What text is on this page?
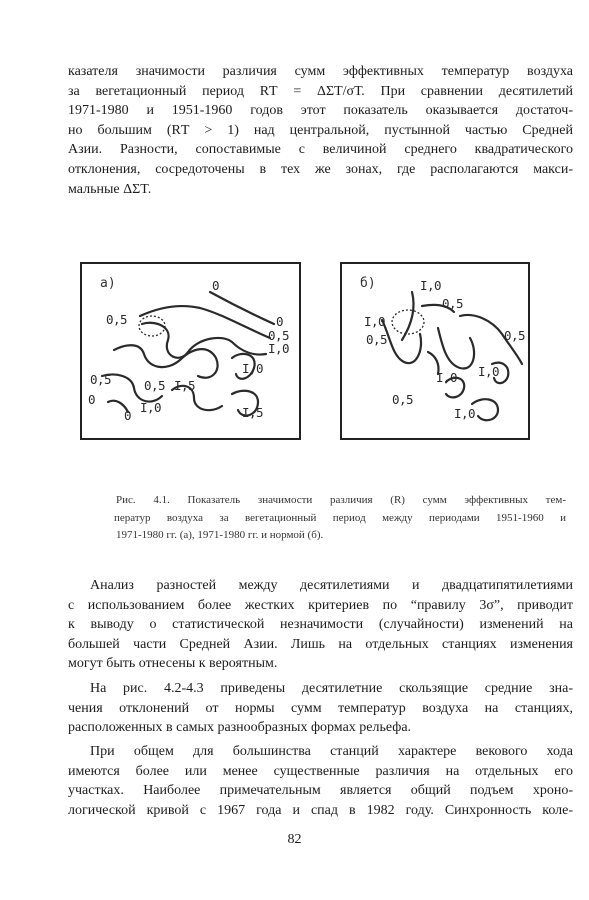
казателя значимости различия сумм эффективных температур воздуха
за вегетационный период RТ = ΔΣT/σТ. При сравнении десятилетий
1971-1980 и 1951-1960 годов этот показатель оказывается достаточ-
но большим (RТ > 1) над центральной, пустынной частью Средней
Азии. Разности, сопоставимые с величиной среднего квадратического
отклонения, сосредоточены в тех же зонах, где располагаются макси-
мальные ΔΣT.
а)	0
0,5	0
0,5
I,0
I,0
0,5	0,5 I,5
0
I,0	I,5
0
б)	I,0
0,5
I,0
0,5	0,5
I,0 I,0
0,5
I,0
Рис. 4.1. Показатель значимости различия (R) сумм эффективных тем-
ператур воздуха за вегетационный период между периодами 1951-1960 и
1971-1980 гг. (а), 1971-1980 гг. и нормой (б).
Анализ разностей между десятилетиями и двадцатипятилетиями
с использованием более жестких критериев по “правилу 3σ”, приводит
к выводу о статистической незначимости (случайности) изменений на
большей части Средней Азии. Лишь на отдельных станциях изменения
могут быть отнесены к вероятным.
На рис. 4.2-4.3 приведены десятилетние скользящие средние зна-
чения отклонений от нормы сумм температур воздуха на станциях,
расположенных в самых разнообразных формах рельефа.
При общем для большинства станций характере векового хода
имеются более или менее существенные различия на отдельных его
участках. Наиболее примечательным является общий подъем хроно-
логической кривой с 1967 года и спад в 1982 году. Синхронность коле-
82
